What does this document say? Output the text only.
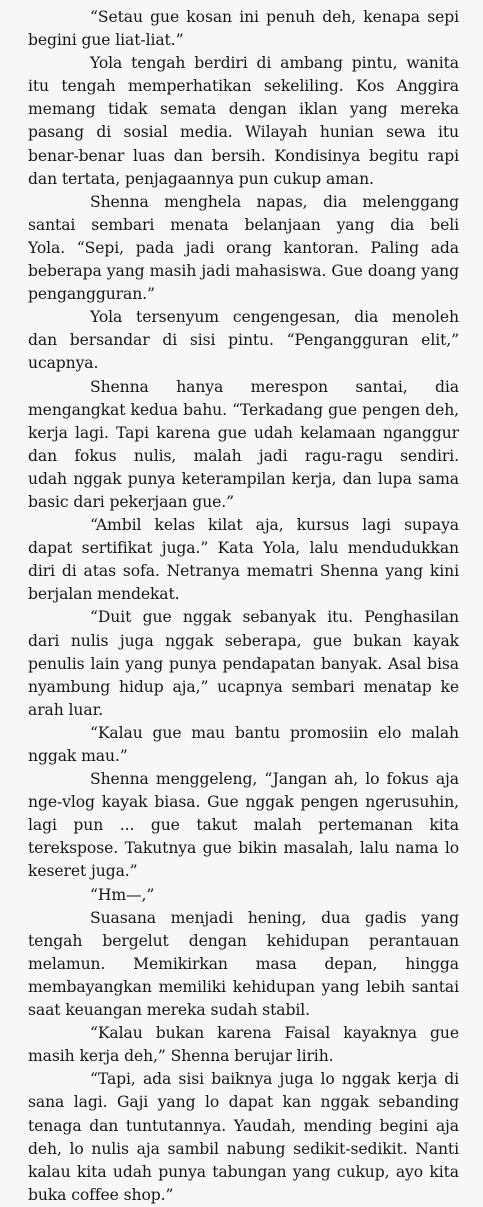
“Setau gue kosan ini penuh deh, kenapa sepi
begini gue liat-liat.”
Yola tengah berdiri di ambang pintu, wanita
itu tengah memperhatikan sekeliling. Kos Anggira
memang tidak semata dengan iklan yang mereka
pasang di sosial media. Wilayah hunian sewa itu
benar-benar luas dan bersih. Kondisinya begitu rapi
dan tertata, penjagaannya pun cukup aman.
Shenna menghela napas, dia melenggang
santai sembari menata belanjaan yang dia beli
Yola. “Sepi, pada jadi orang kantoran. Paling ada
beberapa yang masih jadi mahasiswa. Gue doang yang
pengangguran.”
Yola tersenyum cengengesan, dia menoleh
dan bersandar di sisi pintu. “Pengangguran elit,”
ucapnya.
Shenna hanya merespon santai, dia
mengangkat kedua bahu. “Terkadang gue pengen deh,
kerja lagi. Tapi karena gue udah kelamaan nganggur
dan fokus nulis, malah jadi ragu-ragu sendiri.
udah nggak punya keterampilan kerja, dan lupa sama
basic dari pekerjaan gue.”
“Ambil kelas kilat aja, kursus lagi supaya
dapat sertifikat juga.” Kata Yola, lalu mendudukkan
diri di atas sofa. Netranya mematri Shenna yang kini
berjalan mendekat.
“Duit gue nggak sebanyak itu. Penghasilan
dari nulis juga nggak seberapa, gue bukan kayak
penulis lain yang punya pendapatan banyak. Asal bisa
nyambung hidup aja,” ucapnya sembari menatap ke
arah luar.
“Kalau gue mau bantu promosiin elo malah
nggak mau.”
Shenna menggeleng, “Jangan ah, lo fokus aja
nge-vlog kayak biasa. Gue nggak pengen ngerusuhin,
lagi pun ... gue takut malah pertemanan kita
terekspose. Takutnya gue bikin masalah, lalu nama lo
keseret juga.”
“Hm—,”
Suasana menjadi hening, dua gadis yang
tengah bergelut dengan kehidupan perantauan
melamun. Memikirkan masa depan, hingga
membayangkan memiliki kehidupan yang lebih santai
saat keuangan mereka sudah stabil.
“Kalau bukan karena Faisal kayaknya gue
masih kerja deh,” Shenna berujar lirih.
“Tapi, ada sisi baiknya juga lo nggak kerja di
sana lagi. Gaji yang lo dapat kan nggak sebanding
tenaga dan tuntutannya. Yaudah, mending begini aja
deh, lo nulis aja sambil nabung sedikit-sedikit. Nanti
kalau kita udah punya tabungan yang cukup, ayo kita
buka coffee shop.”
